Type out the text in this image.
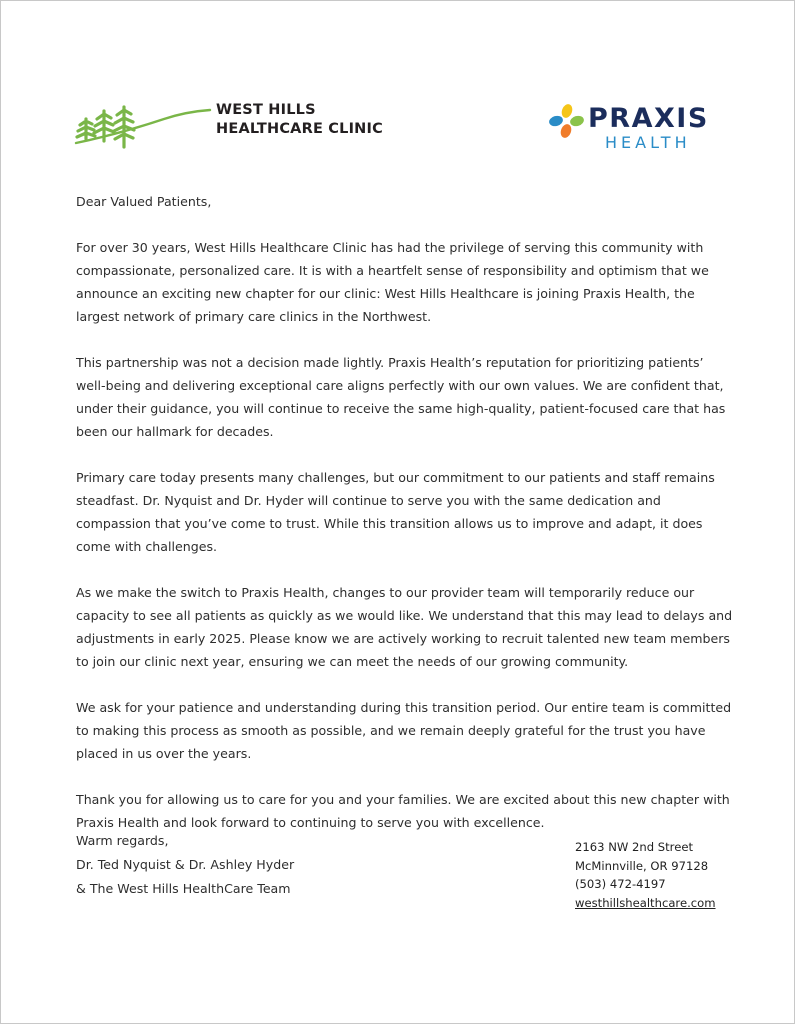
WEST HILLS
HEALTHCARE CLINIC	PRAXIS
HEALTH

Dear Valued Patients,

For over 30 years, West Hills Healthcare Clinic has had the privilege of serving this community with compassionate, personalized care. It is with a heartfelt sense of responsibility and optimism that we announce an exciting new chapter for our clinic: West Hills Healthcare is joining Praxis Health, the largest network of primary care clinics in the Northwest.

This partnership was not a decision made lightly. Praxis Health’s reputation for prioritizing patients’ well-being and delivering exceptional care aligns perfectly with our own values. We are confident that, under their guidance, you will continue to receive the same high-quality, patient-focused care that has been our hallmark for decades.

Primary care today presents many challenges, but our commitment to our patients and staff remains steadfast. Dr. Nyquist and Dr. Hyder will continue to serve you with the same dedication and compassion that you’ve come to trust. While this transition allows us to improve and adapt, it does come with challenges.

As we make the switch to Praxis Health, changes to our provider team will temporarily reduce our capacity to see all patients as quickly as we would like. We understand that this may lead to delays and adjustments in early 2025. Please know we are actively working to recruit talented new team members to join our clinic next year, ensuring we can meet the needs of our growing community.

We ask for your patience and understanding during this transition period. Our entire team is committed to making this process as smooth as possible, and we remain deeply grateful for the trust you have placed in us over the years.

Thank you for allowing us to care for you and your families. We are excited about this new chapter with Praxis Health and look forward to continuing to serve you with excellence.

Warm regards,
Dr. Ted Nyquist & Dr. Ashley Hyder
& The West Hills HealthCare Team
2163 NW 2nd Street
McMinnville, OR 97128
(503) 472-4197
westhillshealthcare.com
